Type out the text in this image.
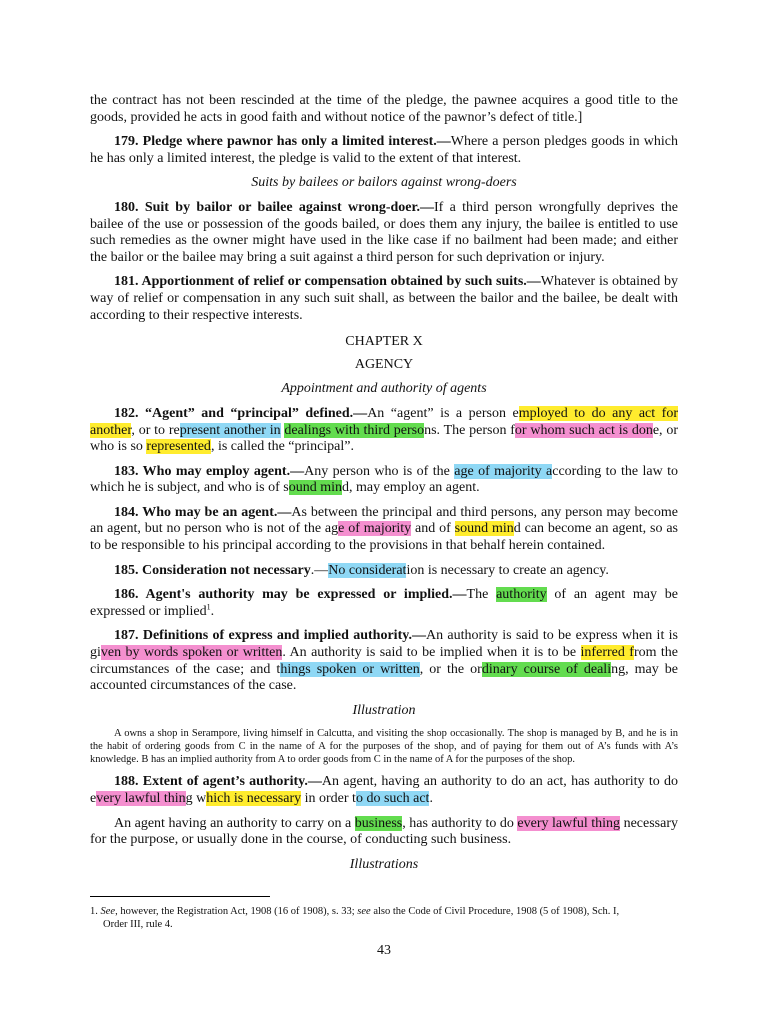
the contract has not been rescinded at the time of the pledge, the pawnee acquires a good title to the goods, provided he acts in good faith and without notice of the pawnor’s defect of title.]

179. Pledge where pawnor has only a limited interest.—Where a person pledges goods in which he has only a limited interest, the pledge is valid to the extent of that interest.

Suits by bailees or bailors against wrong-doers

180. Suit by bailor or bailee against wrong-doer.—If a third person wrongfully deprives the bailee of the use or possession of the goods bailed, or does them any injury, the bailee is entitled to use such remedies as the owner might have used in the like case if no bailment had been made; and either the bailor or the bailee may bring a suit against a third person for such deprivation or injury.

181. Apportionment of relief or compensation obtained by such suits.—Whatever is obtained by way of relief or compensation in any such suit shall, as between the bailor and the bailee, be dealt with according to their respective interests.

CHAPTER X

AGENCY

Appointment and authority of agents

182. “Agent” and “principal” defined.—An “agent” is a person employed to do any act for another, or to represent another in dealings with third persons. The person for whom such act is done, or who is so represented, is called the “principal”.

183. Who may employ agent.—Any person who is of the age of majority according to the law to which he is subject, and who is of sound mind, may employ an agent.

184. Who may be an agent.—As between the principal and third persons, any person may become an agent, but no person who is not of the age of majority and of sound mind can become an agent, so as to be responsible to his principal according to the provisions in that behalf herein contained.

185. Consideration not necessary.—No consideration is necessary to create an agency.

186. Agent's authority may be expressed or implied.—The authority of an agent may be expressed or implied$^1$.

187. Definitions of express and implied authority.—An authority is said to be express when it is given by words spoken or written. An authority is said to be implied when it is to be inferred from the circumstances of the case; and things spoken or written, or the ordinary course of dealing, may be accounted circumstances of the case.

Illustration

A owns a shop in Serampore, living himself in Calcutta, and visiting the shop occasionally. The shop is managed by B, and he is in the habit of ordering goods from C in the name of A for the purposes of the shop, and of paying for them out of A’s funds with A’s knowledge. B has an implied authority from A to order goods from C in the name of A for the purposes of the shop.

188. Extent of agent’s authority.—An agent, having an authority to do an act, has authority to do every lawful thing which is necessary in order to do such act.

An agent having an authority to carry on a business, has authority to do every lawful thing necessary for the purpose, or usually done in the course, of conducting such business.

Illustrations

1. See, however, the Registration Act, 1908 (16 of 1908), s. 33; see also the Code of Civil Procedure, 1908 (5 of 1908), Sch. I,
Order III, rule 4.
43
